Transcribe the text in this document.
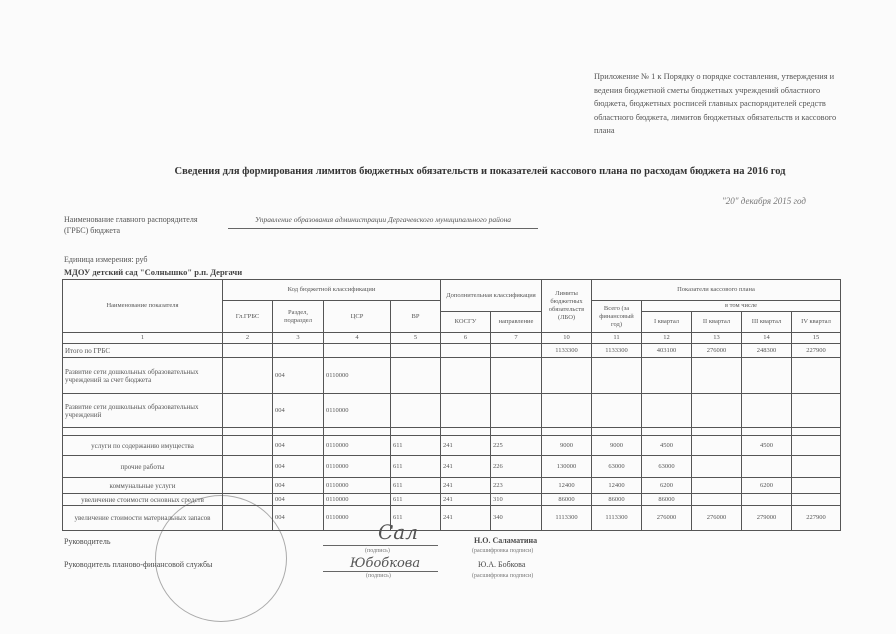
Приложение № 1 к Порядку о порядке составления, утверждения и ведения бюджетной сметы бюджетных учреждений областного бюджета, бюджетных росписей главных распорядителей средств областного бюджета, лимитов бюджетных обязательств и кассового плана
Сведения для формирования лимитов бюджетных обязательств и показателей кассового плана по расходам бюджета на 2016 год
"20" декабря 2015 год
Наименование главного распорядителя
(ГРБС) бюджета
Управление образования администрации Дергачевского муниципального района
Единица измерения: руб
МДОУ детский сад "Солнышко" р.п. Дергачи
Наименование показателя	Код бюджетной классификации				Дополнительная классификация		Лимиты бюджетных обязательств (ЛБО)	Показатели кассового плана				
	Гл.ГРБС	Раздел, подраздел	ЦСР	ВР				Всего (за финансовый год)	в том числе			
					КОСГУ	направление			I квартал	II квартал	III квартал	IV квартал
1	2	3	4	5	6	7	10	11	12	13	14	15
Итого по ГРБС							1133300	1133300	403100	276000	248300	227900
Развитие сети дошкольных образовательных учреждений за счет бюджета		004	0110000									
Развитие сети дошкольных образовательных учреждений		004	0110000									

услуги по содержанию имущества		004	0110000	611	241	225	9000	9000	4500		4500	
прочие работы		004	0110000	611	241	226	130000	63000	63000			
коммунальные услуги		004	0110000	611	241	223	12400	12400	6200		6200	
увеличение стоимости основных средств		004	0110000	611	241	310	86000	86000	86000			
увеличение стоимости материальных запасов		004	0110000	611	241	340	1113300	1113300	276000	276000	279000	227900
Руководитель
Руководитель планово-финансовой службы
Сал
(подпись)
Юбобкова
(подпись)
Н.О. Саламатина
(расшифровка подписи)
Ю.А. Бобкова
(расшифровка подписи)
